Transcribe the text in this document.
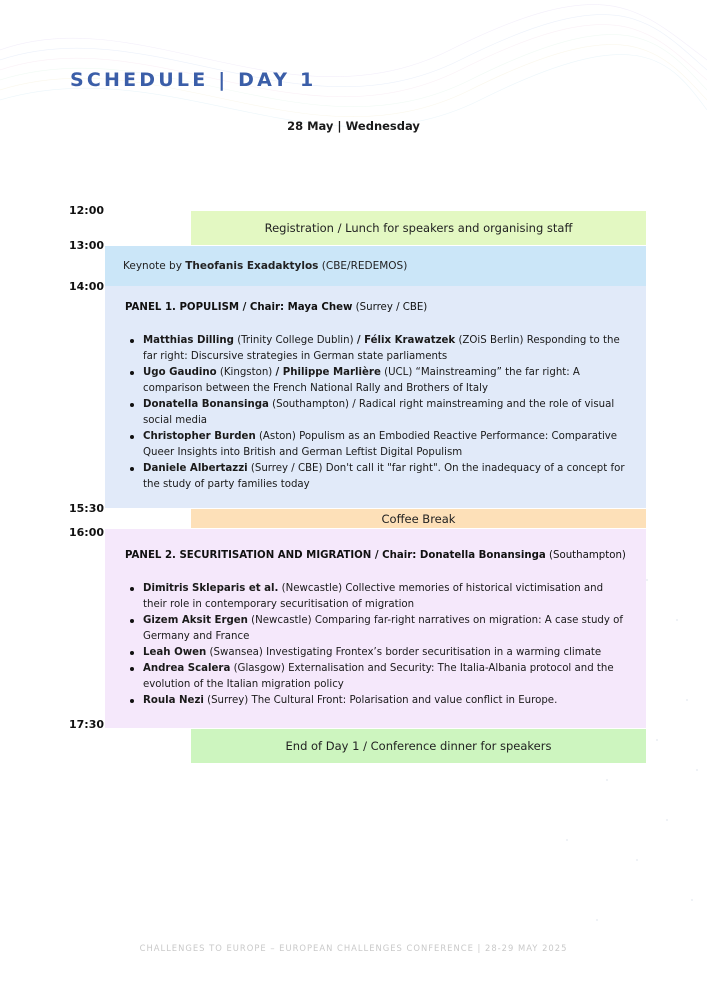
SCHEDULE | DAY 1
28 May | Wednesday
12:00
13:00
14:00
15:30
16:00
17:30
Registration / Lunch for speakers and organising staff
Keynote by
Theofanis Exadaktylos
(CBE/REDEMOS)
PANEL 1. POPULISM / Chair: Maya Chew (Surrey / CBE)
Matthias Dilling (Trinity College Dublin) / Félix Krawatzek (ZOiS Berlin) Responding to the far right: Discursive strategies in German state parliaments
Ugo Gaudino (Kingston) / Philippe Marlière (UCL) “Mainstreaming” the far right: A comparison between the French National Rally and Brothers of Italy
Donatella Bonansinga (Southampton) / Radical right mainstreaming and the role of visual social media
Christopher Burden (Aston) Populism as an Embodied Reactive Performance: Comparative Queer Insights into British and German Leftist Digital Populism
Daniele Albertazzi (Surrey / CBE) Don't call it "far right". On the inadequacy of a concept for the study of party families today
Coffee Break
PANEL 2. SECURITISATION AND MIGRATION / Chair: Donatella Bonansinga (Southampton)
Dimitris Skleparis et al. (Newcastle) Collective memories of historical victimisation and their role in contemporary securitisation of migration
Gizem Aksit Ergen (Newcastle) Comparing far-right narratives on migration: A case study of Germany and France
Leah Owen (Swansea) Investigating Frontex’s border securitisation in a warming climate
Andrea Scalera (Glasgow) Externalisation and Security: The Italia-Albania protocol and the evolution of the Italian migration policy
Roula Nezi (Surrey) The Cultural Front: Polarisation and value conflict in Europe.
End of Day 1 / Conference dinner for speakers
CHALLENGES TO EUROPE – EUROPEAN CHALLENGES CONFERENCE | 28-29 MAY 2025
